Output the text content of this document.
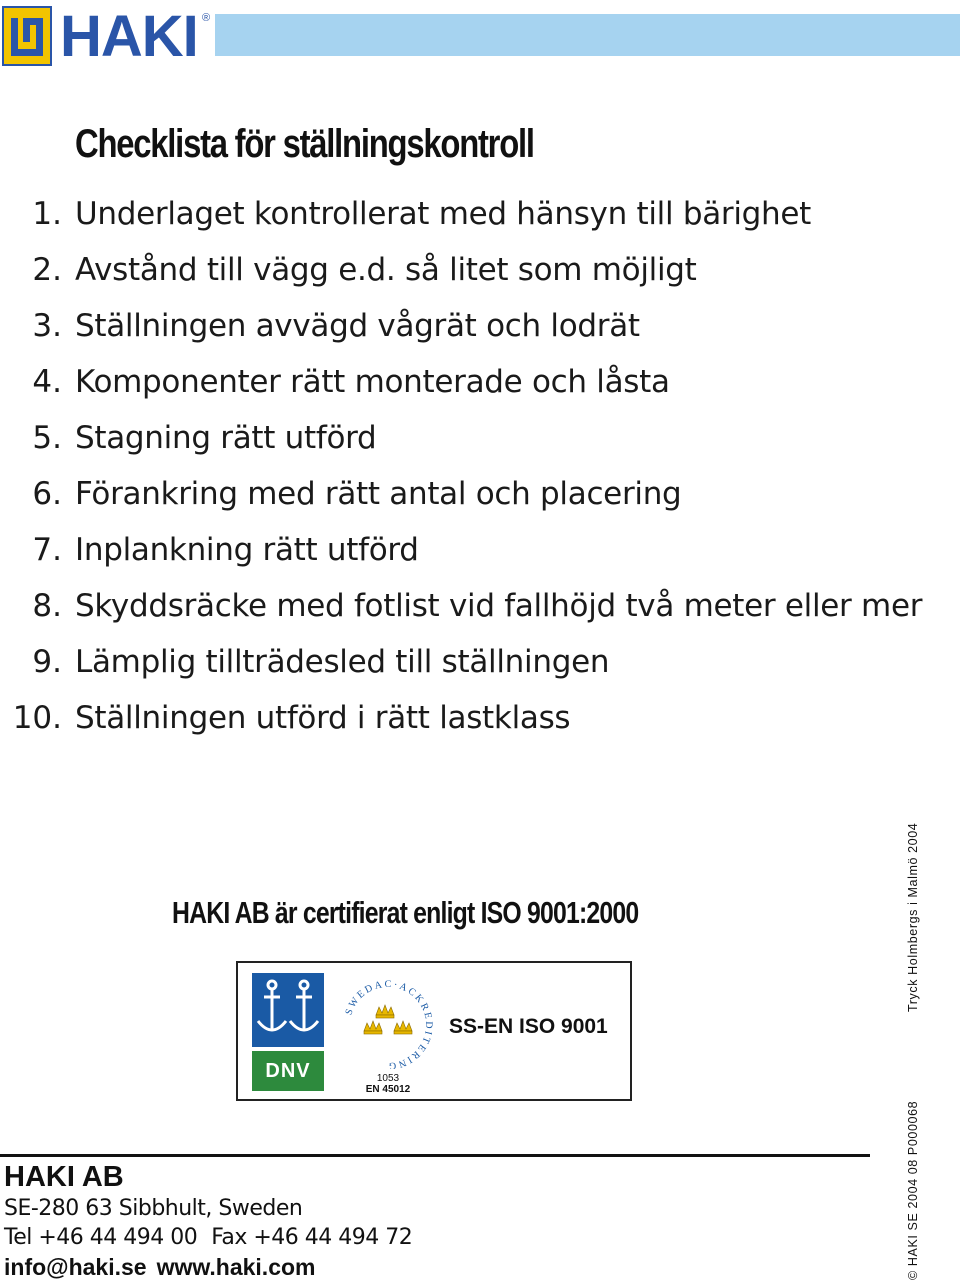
HAKI ®
Checklista för ställningskontroll
1. Underlaget kontrollerat med hänsyn till bärighet
2. Avstånd till vägg e.d. så litet som möjligt
3. Ställningen avvägd vågrät och lodrät
4. Komponenter rätt monterade och låsta
5. Stagning rätt utförd
6. Förankring med rätt antal och placering
7. Inplankning rätt utförd
8. Skyddsräcke med fotlist vid fallhöjd två meter eller mer
9. Lämplig tillträdesled till ställningen
10. Ställningen utförd i rätt lastklass
HAKI AB är certifierat enligt ISO 9001:2000
DNV
SWEDAC·ACKREDITERING
1053
EN 45012
SS-EN ISO 9001
HAKI AB
SE-280 63 Sibbhult, Sweden
Tel +46 44 494 00 Fax +46 44 494 72
info@haki.se www.haki.com
Tryck Holmbergs i Malmö 2004
© HAKI SE 2004 08 P000068
